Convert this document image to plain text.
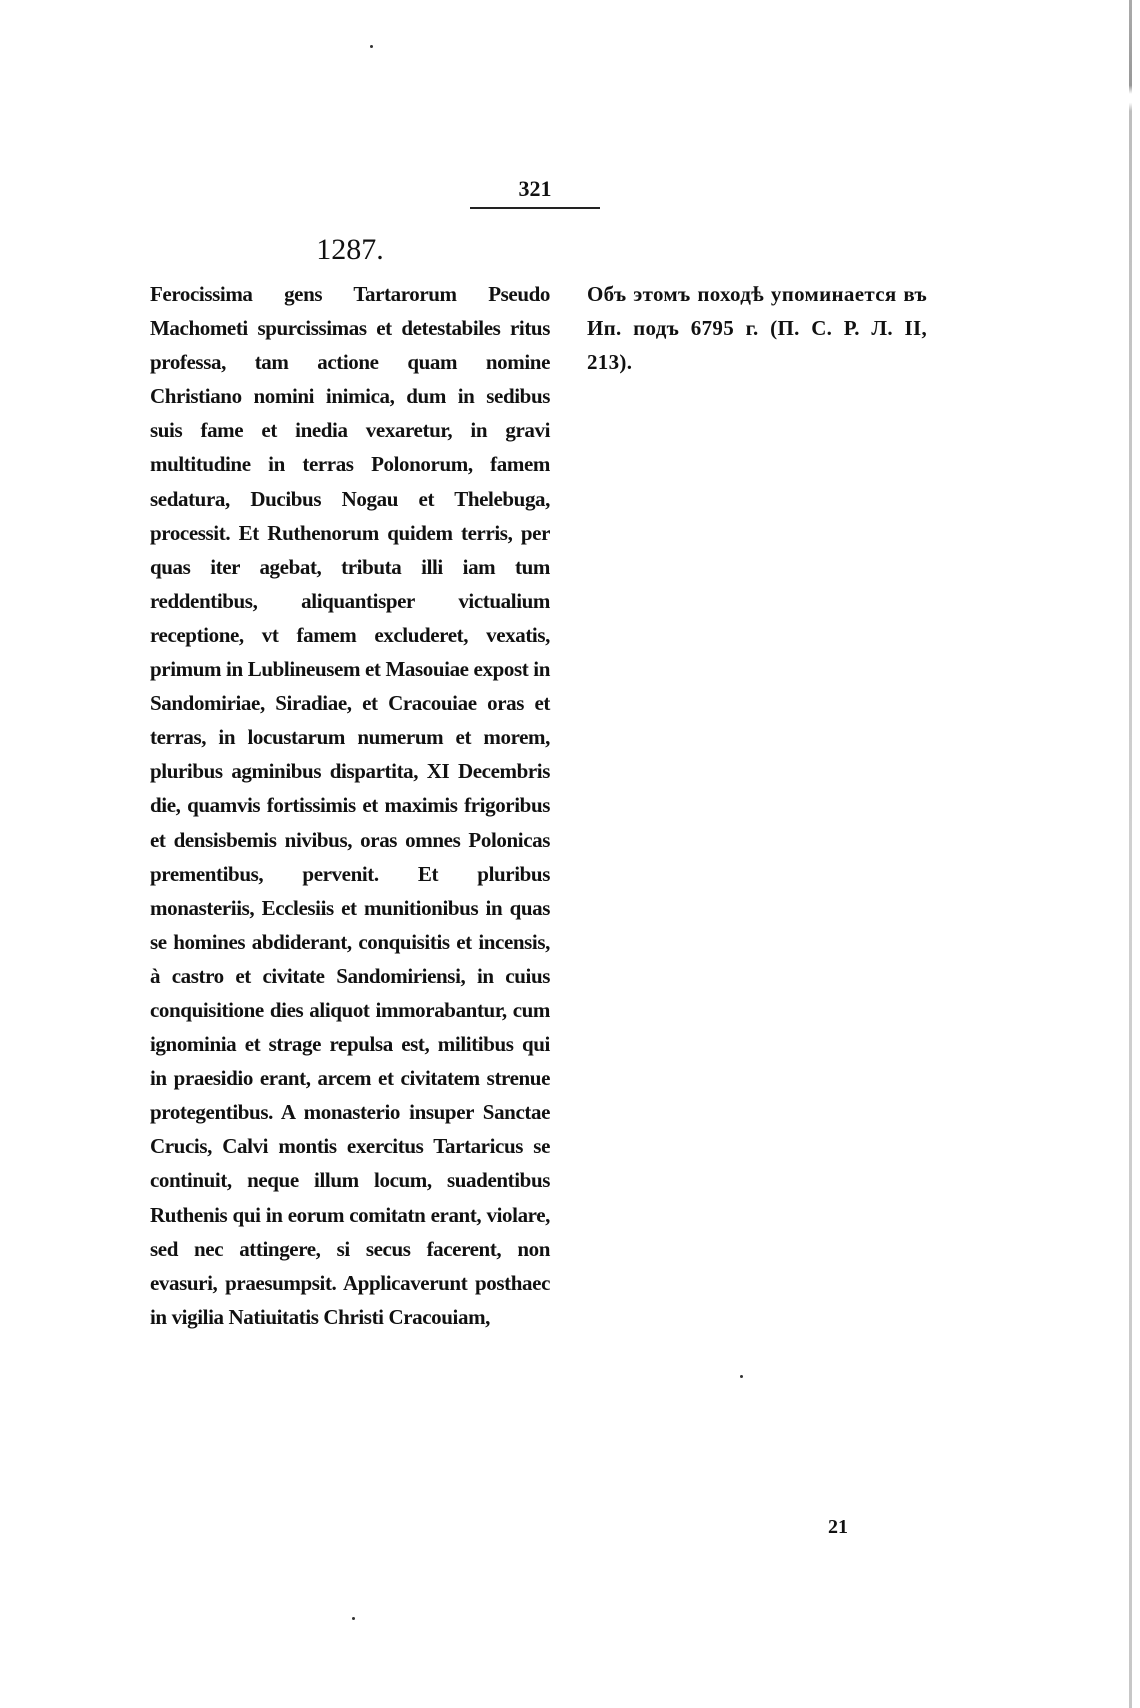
321
1287.
Ferocissima gens Tartarorum Pseudo Machometi spurcissimas et detestabiles ritus professa, tam actione quam nomine Christiano nomini inimica, dum in sedibus suis fame et inedia vexaretur, in gravi multitudine in terras Polonorum, famem sedatura, Ducibus Nogau et Thelebuga, processit. Et Ruthenorum quidem terris, per quas iter agebat, tributa illi iam tum reddentibus, aliquantisper victualium receptione, vt famem excluderet, vexatis, primum in Lublineusem et Masouiae expost in Sandomiriae, Siradiae, et Cracouiae oras et terras, in locustarum numerum et morem, pluribus agminibus dispartita, XI Decembris die, quamvis fortissimis et maximis frigoribus et densisbemis nivibus, oras omnes Polonicas prementibus, pervenit. Et pluribus monasteriis, Ecclesiis et munitionibus in quas se homines abdiderant, conquisitis et incensis, à castro et civitate Sandomiriensi, in cuius conquisitione dies aliquot immorabantur, cum ignominia et strage repulsa est, militibus qui in praesidio erant, arcem et civitatem strenue protegentibus. A monasterio insuper Sanctae Crucis, Calvi montis exercitus Tartaricus se continuit, neque illum locum, suadentibus Ruthenis qui in eorum comitatn erant, violare, sed nec attingere, si secus facerent, non evasuri, praesumpsit. Applicaverunt posthaec in vigilia Natiuitatis Christi Cracouiam,
Объ этомъ походѣ упоминается въ Ип. подъ 6795 г. (П. С. Р. Л. II, 213).
21
